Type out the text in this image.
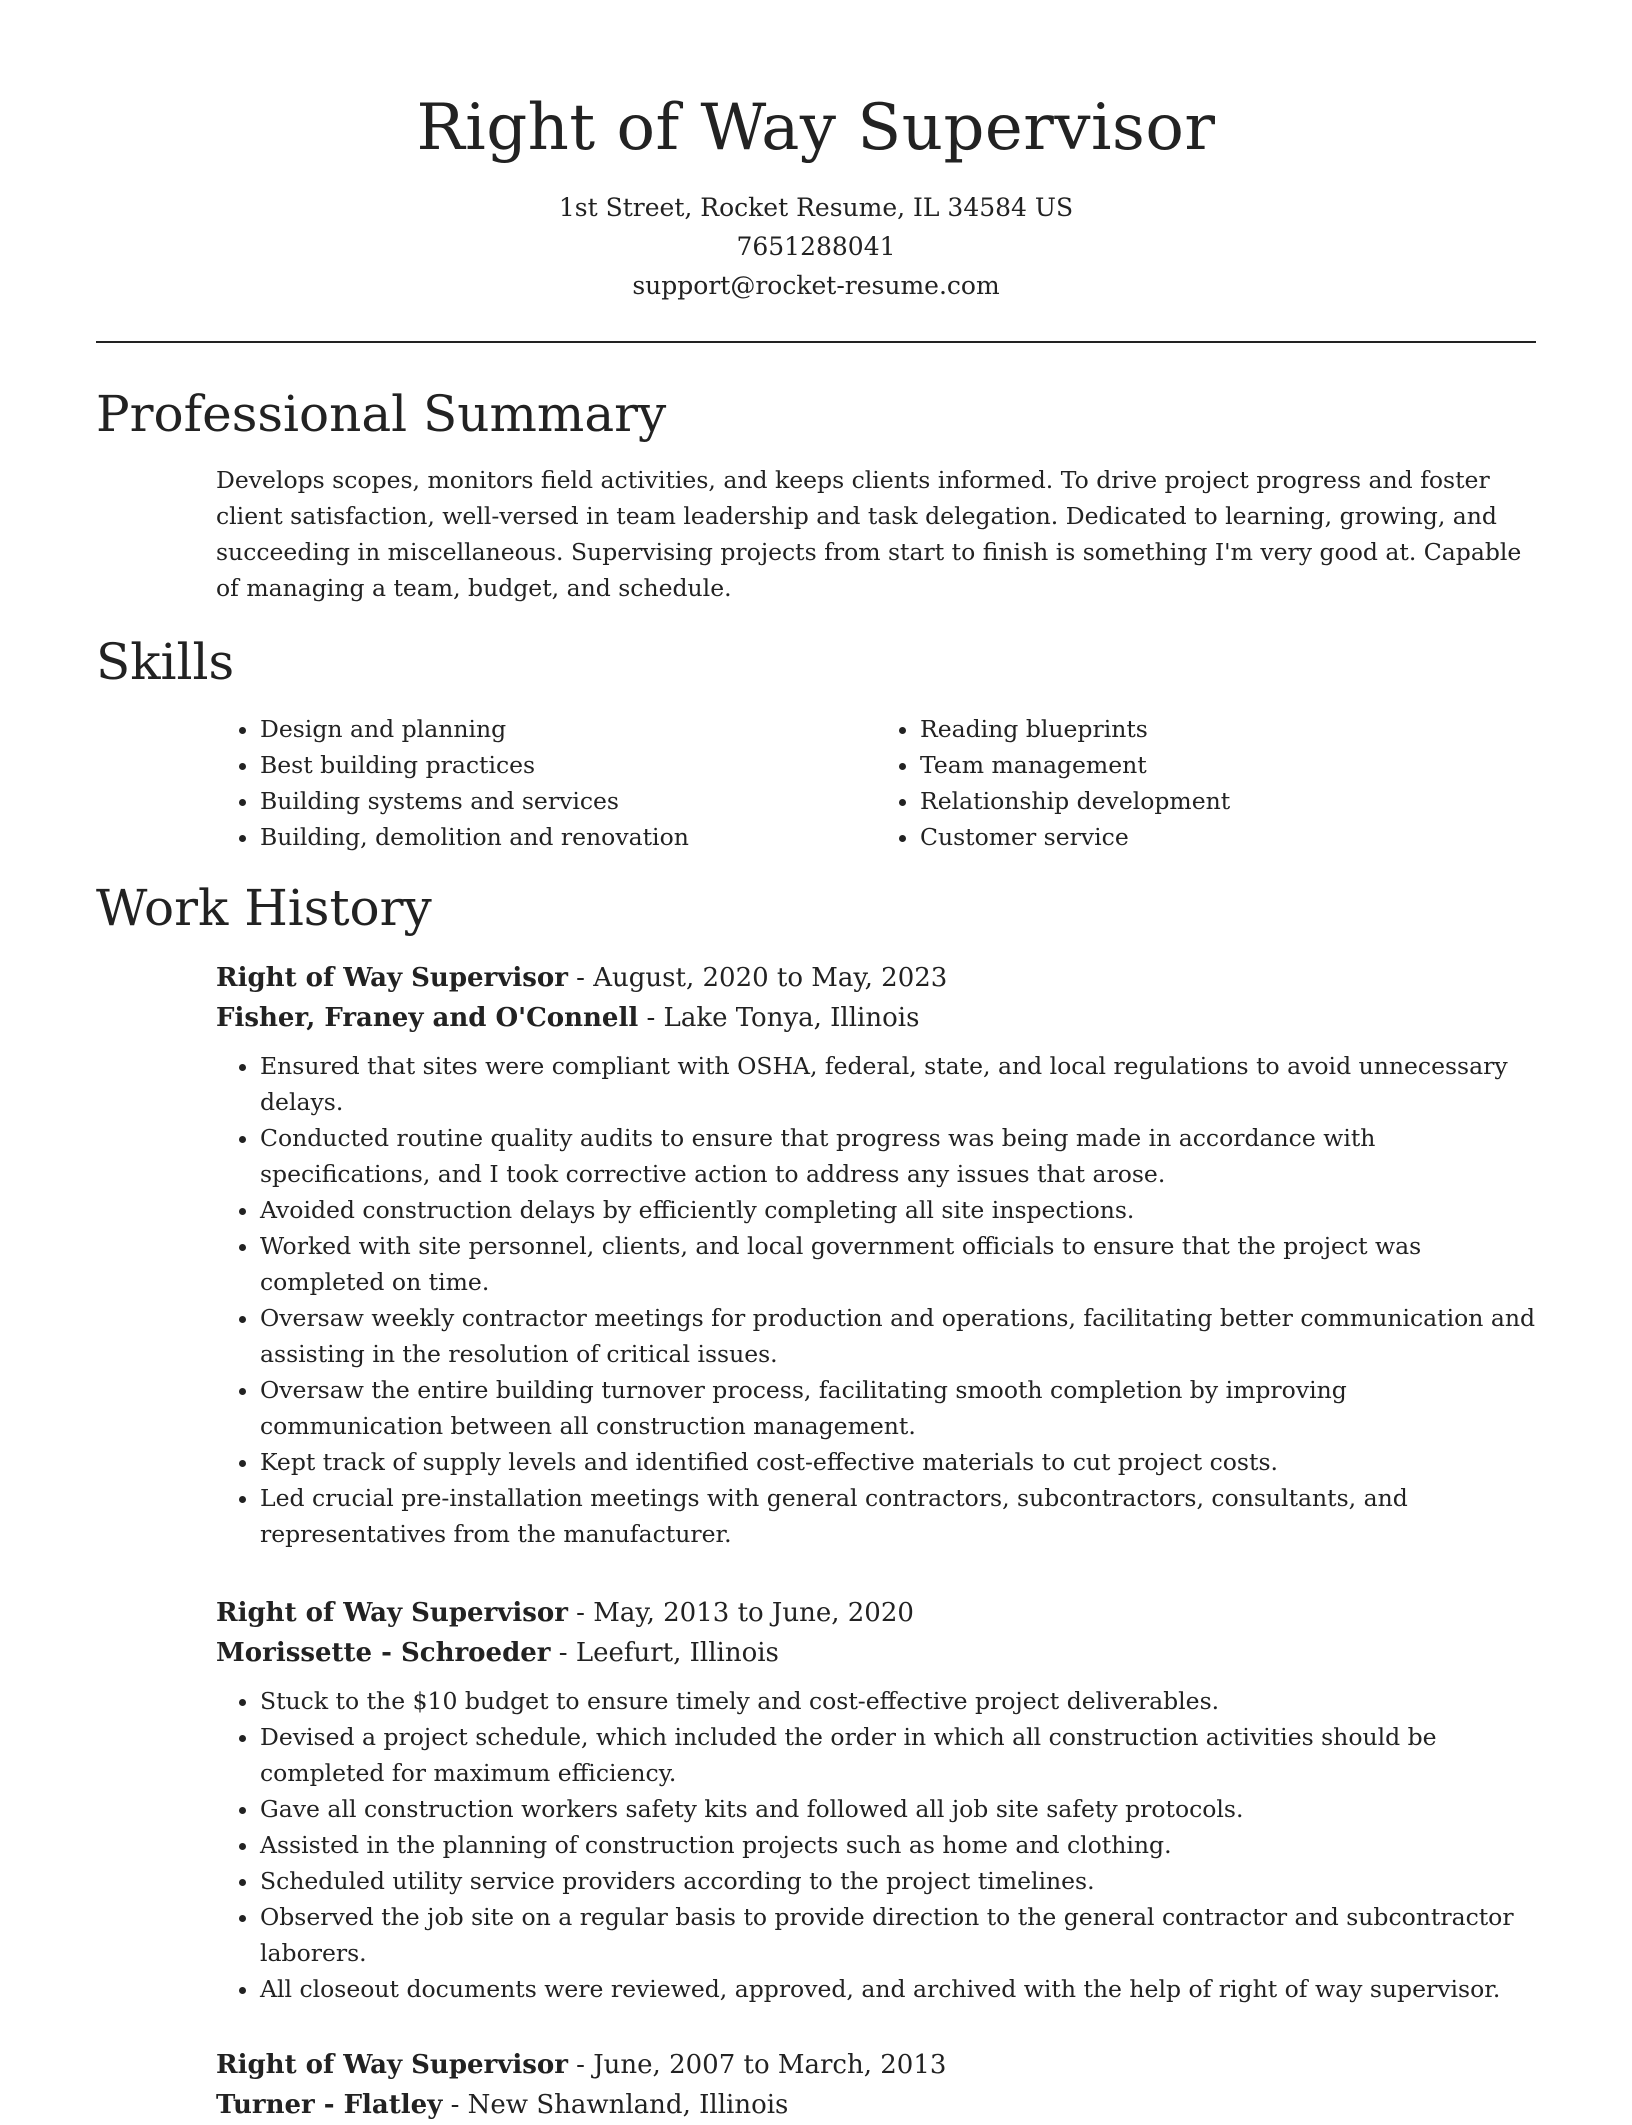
Right of Way Supervisor
1st Street, Rocket Resume, IL 34584 US
7651288041
support@rocket-resume.com
Professional Summary

Develops scopes, monitors field activities, and keeps clients informed. To drive project progress and foster client satisfaction, well-versed in team leadership and task delegation. Dedicated to learning, growing, and succeeding in miscellaneous. Supervising projects from start to finish is something I'm very good at. Capable of managing a team, budget, and schedule.

Skills
• Design and planning
• Best building practices
• Building systems and services
• Building, demolition and renovation
• Reading blueprints
• Team management
• Relationship development
• Customer service
Work History
Right of Way Supervisor - August, 2020 to May, 2023
Fisher, Franey and O'Connell - Lake Tonya, Illinois
• Ensured that sites were compliant with OSHA, federal, state, and local regulations to avoid unnecessary delays.
• Conducted routine quality audits to ensure that progress was being made in accordance with specifications, and I took corrective action to address any issues that arose.
• Avoided construction delays by efficiently completing all site inspections.
• Worked with site personnel, clients, and local government officials to ensure that the project was completed on time.
• Oversaw weekly contractor meetings for production and operations, facilitating better communication and assisting in the resolution of critical issues.
• Oversaw the entire building turnover process, facilitating smooth completion by improving communication between all construction management.
• Kept track of supply levels and identified cost-effective materials to cut project costs.
• Led crucial pre-installation meetings with general contractors, subcontractors, consultants, and representatives from the manufacturer.
Right of Way Supervisor - May, 2013 to June, 2020
Morissette - Schroeder - Leefurt, Illinois
• Stuck to the $10 budget to ensure timely and cost-effective project deliverables.
• Devised a project schedule, which included the order in which all construction activities should be completed for maximum efficiency.
• Gave all construction workers safety kits and followed all job site safety protocols.
• Assisted in the planning of construction projects such as home and clothing.
• Scheduled utility service providers according to the project timelines.
• Observed the job site on a regular basis to provide direction to the general contractor and subcontractor laborers.
• All closeout documents were reviewed, approved, and archived with the help of right of way supervisor.
Right of Way Supervisor - June, 2007 to March, 2013
Turner - Flatley - New Shawnland, Illinois
